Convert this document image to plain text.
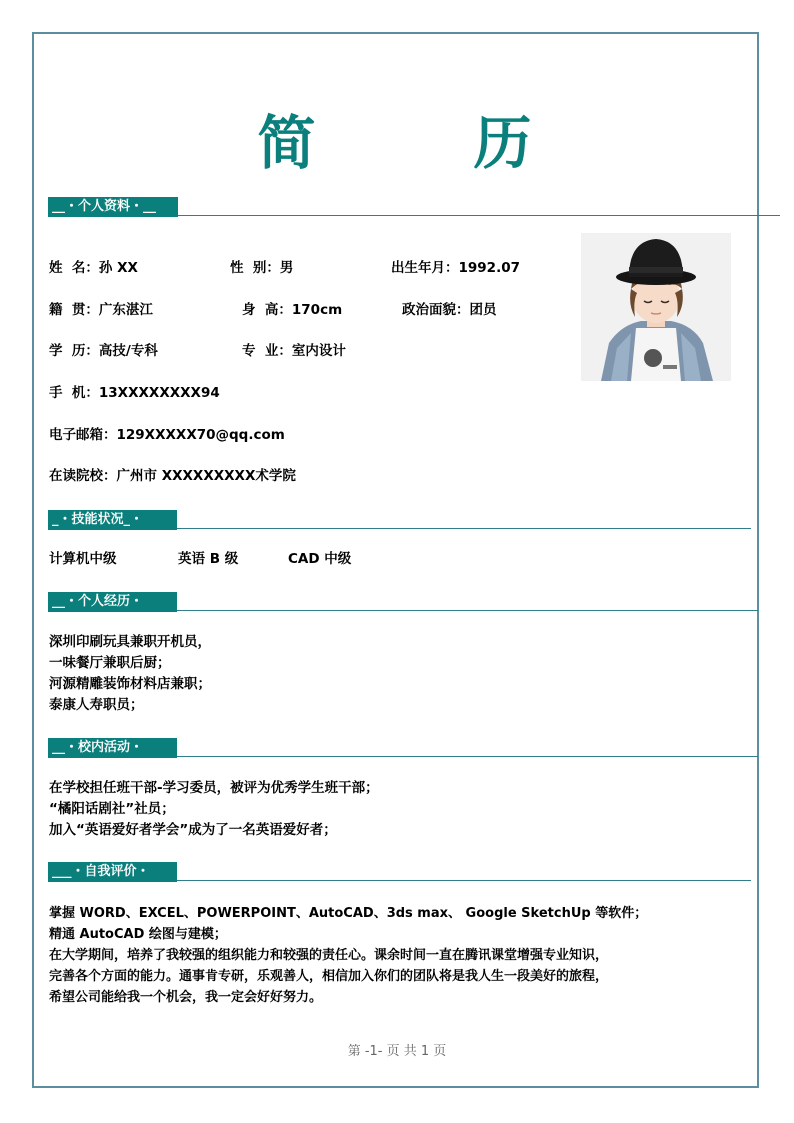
简　历
__・个人资料・__
姓  名：孙 XX	性  别：男	出生年月：1992.07
籍  贯：广东湛江	身  高：170cm	政治面貌：团员
学  历：高技/专科	专  业：室内设计
手  机：13XXXXXXXX94
电子邮箱：129XXXXX70@qq.com
在读院校：广州市 XXXXXXXXX术学院
_・技能状况_・
计算机中级	英语 B 级	CAD 中级
__・个人经历・
深圳印刷玩具兼职开机员，
一味餐厅兼职后厨；
河源精雕装饰材料店兼职；
泰康人寿职员；
__・校内活动・
在学校担任班干部-学习委员，被评为优秀学生班干部；
“橘阳话剧社”社员；
加入“英语爱好者学会”成为了一名英语爱好者；
___・自我评价・
掌握 WORD、EXCEL、POWERPOINT、AutoCAD、3ds max、 Google SketchUp 等软件；
精通 AutoCAD 绘图与建模；
在大学期间，培养了我较强的组织能力和较强的责任心。课余时间一直在腾讯课堂增强专业知识，
完善各个方面的能力。通事肯专研，乐观善人，相信加入你们的团队将是我人生一段美好的旅程，
希望公司能给我一个机会，我一定会好好努力。
第 -1- 页 共 1 页
